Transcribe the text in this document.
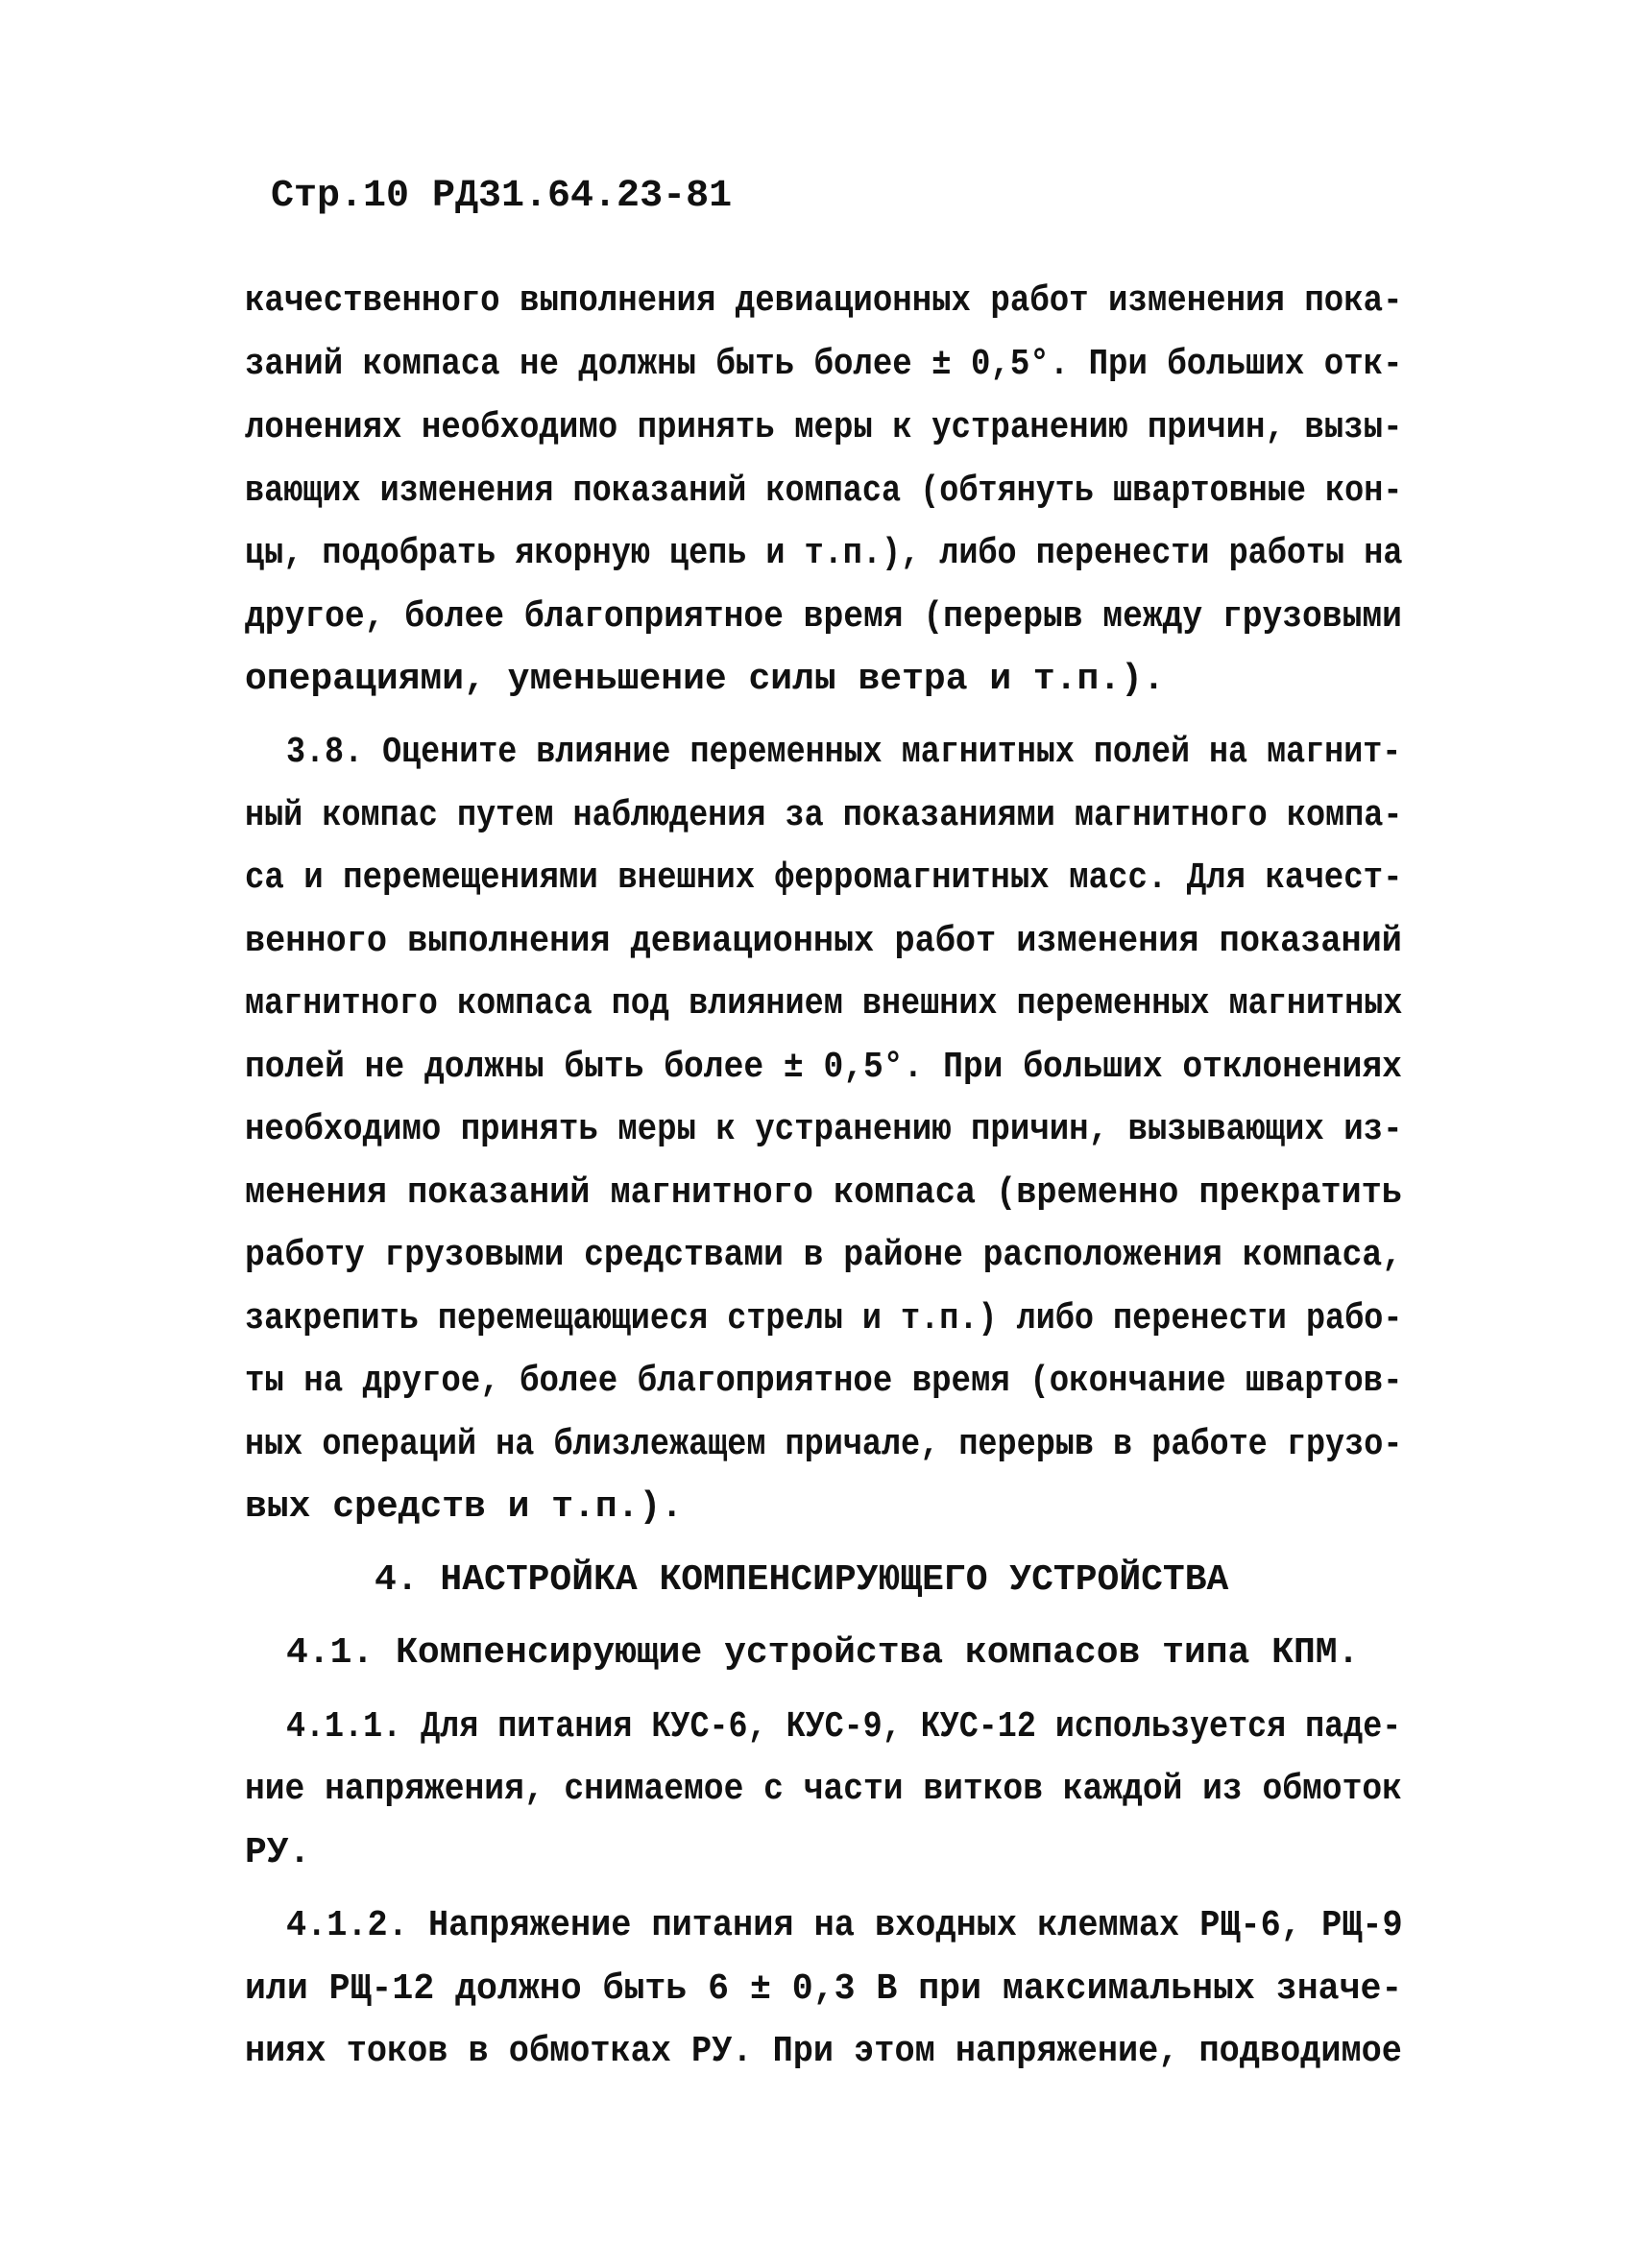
Стр.10 РД31.64.23-81
качественного выполнения девиационных работ изменения пока-
заний компаса не должны быть более ± 0,5°. При больших отк-
лонениях необходимо принять меры к устранению причин, вызы-
вающих изменения показаний компаса (обтянуть швартовные кон-
цы, подобрать якорную цепь и т.п.), либо перенести работы на
другое, более благоприятное время (перерыв между грузовыми
операциями, уменьшение силы ветра и т.п.).
3.8. Оцените влияние переменных магнитных полей на магнит-
ный компас путем наблюдения за показаниями магнитного компа-
са и перемещениями внешних ферромагнитных масс. Для качест-
венного выполнения девиационных работ изменения показаний
магнитного компаса под влиянием внешних переменных магнитных
полей не должны быть более ± 0,5°. При больших отклонениях
необходимо принять меры к устранению причин, вызывающих из-
менения показаний магнитного компаса (временно прекратить
работу грузовыми средствами в районе расположения компаса,
закрепить перемещающиеся стрелы и т.п.) либо перенести рабо-
ты на другое, более благоприятное время (окончание швартов-
ных операций на близлежащем причале, перерыв в работе грузо-
вых средств и т.п.).
4. НАСТРОЙКА КОМПЕНСИРУЮЩЕГО УСТРОЙСТВА
4.1. Компенсирующие устройства компасов типа КПМ.
4.1.1. Для питания КУС-6, КУС-9, КУС-12 используется паде-
ние напряжения, снимаемое с части витков каждой из обмоток
РУ.
4.1.2. Напряжение питания на входных клеммах РЩ-6, РЩ-9
или РЩ-12 должно быть 6 ± 0,3 В при максимальных значе-
ниях токов в обмотках РУ. При этом напряжение, подводимое
